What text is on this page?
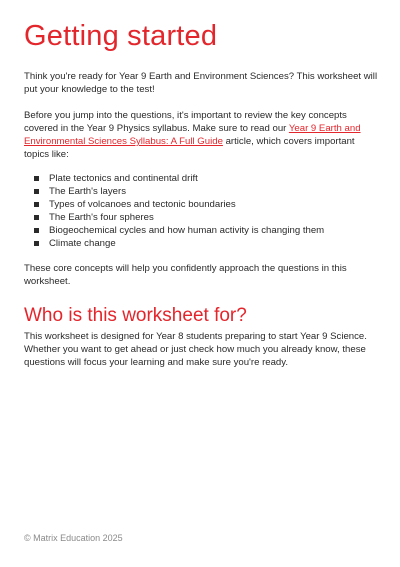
Getting started

Think you're ready for Year 9 Earth and Environment Sciences? This worksheet will put your knowledge to the test!

Before you jump into the questions, it's important to review the key concepts covered in the Year 9 Physics syllabus. Make sure to read our Year 9 Earth and Environmental Sciences Syllabus: A Full Guide article, which covers important topics like:

Plate tectonics and continental drift
The Earth's layers
Types of volcanoes and tectonic boundaries
The Earth's four spheres
Biogeochemical cycles and how human activity is changing them
Climate change

These core concepts will help you confidently approach the questions in this worksheet.

Who is this worksheet for?

This worksheet is designed for Year 8 students preparing to start Year 9 Science. Whether you want to get ahead or just check how much you already know, these questions will focus your learning and make sure you're ready.

© Matrix Education 2025
